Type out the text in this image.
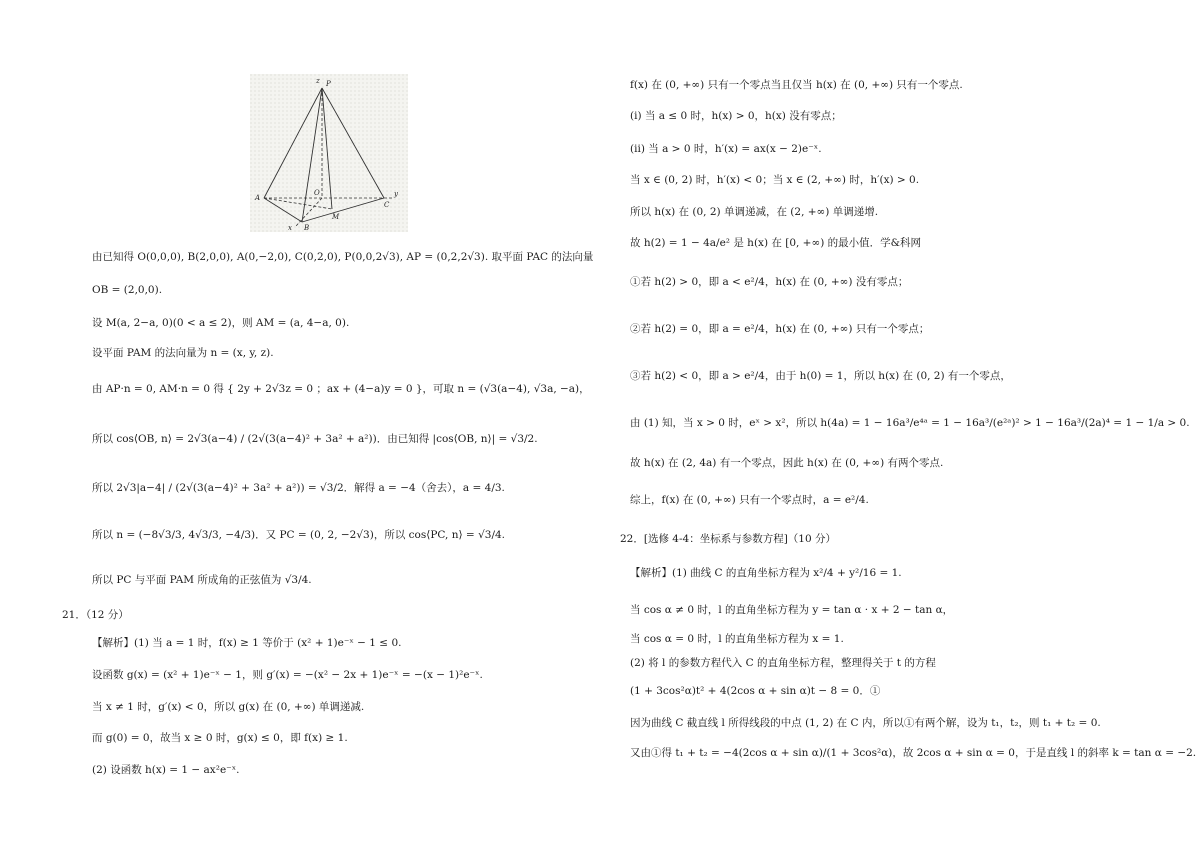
P
z
A
B
C
O
M
x
y
由已知得 O(0,0,0), B(2,0,0), A(0,−2,0), C(0,2,0), P(0,0,2√3), AP = (0,2,2√3). 取平面 PAC 的法向量
OB = (2,0,0).
设 M(a, 2−a, 0)(0 < a ≤ 2)，则 AM = (a, 4−a, 0).
设平面 PAM 的法向量为 n = (x, y, z).
由 AP·n = 0, AM·n = 0 得 { 2y + 2√3z = 0 ；ax + (4−a)y = 0 }，可取 n = (√3(a−4), √3a, −a)，
所以 cos⟨OB, n⟩ = 2√3(a−4) / (2√(3(a−4)² + 3a² + a²))．由已知得 |cos⟨OB, n⟩| = √3/2.
所以 2√3|a−4| / (2√(3(a−4)² + 3a² + a²)) = √3/2．解得 a = −4（舍去），a = 4/3.
所以 n = (−8√3/3, 4√3/3, −4/3)．又 PC = (0, 2, −2√3)，所以 cos⟨PC, n⟩ = √3/4.
所以 PC 与平面 PAM 所成角的正弦值为 √3/4.
21．（12 分）
【解析】(1) 当 a = 1 时，f(x) ≥ 1 等价于 (x² + 1)e⁻ˣ − 1 ≤ 0.
设函数 g(x) = (x² + 1)e⁻ˣ − 1，则 g′(x) = −(x² − 2x + 1)e⁻ˣ = −(x − 1)²e⁻ˣ.
当 x ≠ 1 时，g′(x) < 0，所以 g(x) 在 (0, +∞) 单调递减.
而 g(0) = 0，故当 x ≥ 0 时，g(x) ≤ 0，即 f(x) ≥ 1.
(2) 设函数 h(x) = 1 − ax²e⁻ˣ.
f(x) 在 (0, +∞) 只有一个零点当且仅当 h(x) 在 (0, +∞) 只有一个零点.
(i) 当 a ≤ 0 时，h(x) > 0，h(x) 没有零点；
(ii) 当 a > 0 时，h′(x) = ax(x − 2)e⁻ˣ.
当 x ∈ (0, 2) 时，h′(x) < 0；当 x ∈ (2, +∞) 时，h′(x) > 0.
所以 h(x) 在 (0, 2) 单调递减，在 (2, +∞) 单调递增.
故 h(2) = 1 − 4a/e² 是 h(x) 在 [0, +∞) 的最小值．学&科网
①若 h(2) > 0，即 a < e²/4，h(x) 在 (0, +∞) 没有零点；
②若 h(2) = 0，即 a = e²/4，h(x) 在 (0, +∞) 只有一个零点；
③若 h(2) < 0，即 a > e²/4，由于 h(0) = 1，所以 h(x) 在 (0, 2) 有一个零点，
由 (1) 知，当 x > 0 时，eˣ > x²，所以 h(4a) = 1 − 16a³/e⁴ᵃ = 1 − 16a³/(e²ᵃ)² > 1 − 16a³/(2a)⁴ = 1 − 1/a > 0.
故 h(x) 在 (2, 4a) 有一个零点，因此 h(x) 在 (0, +∞) 有两个零点.
综上，f(x) 在 (0, +∞) 只有一个零点时，a = e²/4.
22．[选修 4-4：坐标系与参数方程]（10 分）
【解析】(1) 曲线 C 的直角坐标方程为 x²/4 + y²/16 = 1.
当 cos α ≠ 0 时，l 的直角坐标方程为 y = tan α · x + 2 − tan α，
当 cos α = 0 时，l 的直角坐标方程为 x = 1.
(2) 将 l 的参数方程代入 C 的直角坐标方程，整理得关于 t 的方程
(1 + 3cos²α)t² + 4(2cos α + sin α)t − 8 = 0．①
因为曲线 C 截直线 l 所得线段的中点 (1, 2) 在 C 内，所以①有两个解，设为 t₁，t₂，则 t₁ + t₂ = 0.
又由①得 t₁ + t₂ = −4(2cos α + sin α)/(1 + 3cos²α)，故 2cos α + sin α = 0，于是直线 l 的斜率 k = tan α = −2.
